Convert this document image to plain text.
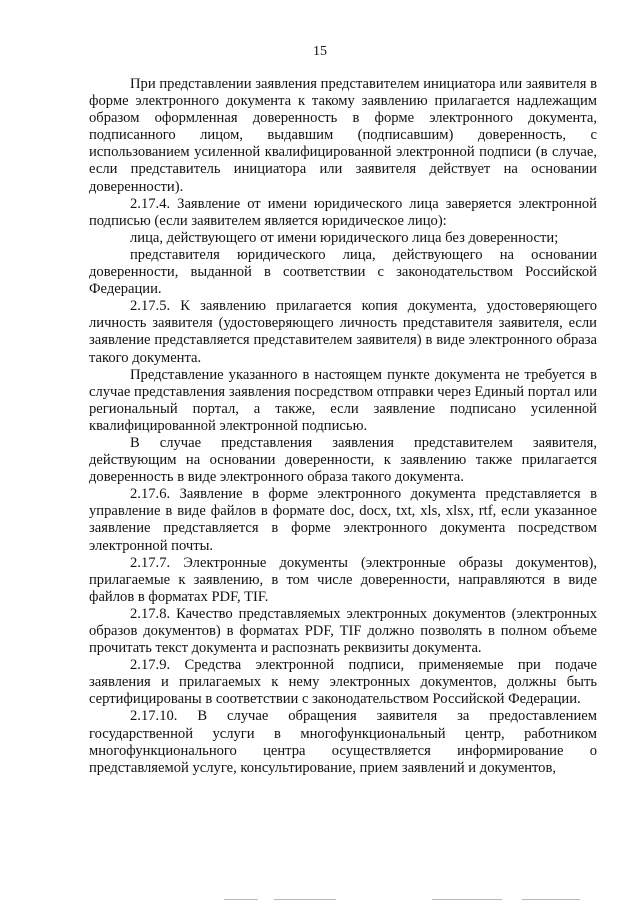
15

При представлении заявления представителем инициатора или заявителя в форме электронного документа к такому заявлению прилагается надлежащим образом оформленная доверенность в форме электронного документа, подписанного лицом, выдавшим (подписавшим) доверенность, с использованием усиленной квалифицированной электронной подписи (в случае, если представитель инициатора или заявителя действует на основании доверенности).

2.17.4. Заявление от имени юридического лица заверяется электронной подписью (если заявителем является юридическое лицо):

лица, действующего от имени юридического лица без доверенности;

представителя юридического лица, действующего на основании доверенности, выданной в соответствии с законодательством Российской Федерации.

2.17.5. К заявлению прилагается копия документа, удостоверяющего личность заявителя (удостоверяющего личность представителя заявителя, если заявление представляется представителем заявителя) в виде электронного образа такого документа.

Представление указанного в настоящем пункте документа не требуется в случае представления заявления посредством отправки через Единый портал или региональный портал, а также, если заявление подписано усиленной квалифицированной электронной подписью.

В случае представления заявления представителем заявителя, действующим на основании доверенности, к заявлению также прилагается доверенность в виде электронного образа такого документа.

2.17.6. Заявление в форме электронного документа представляется в управление в виде файлов в формате doc, docx, txt, xls, xlsx, rtf, если указанное заявление представляется в форме электронного документа посредством электронной почты.

2.17.7. Электронные документы (электронные образы документов), прилагаемые к заявлению, в том числе доверенности, направляются в виде файлов в форматах PDF, TIF.

2.17.8. Качество представляемых электронных документов (электронных образов документов) в форматах PDF, TIF должно позволять в полном объеме прочитать текст документа и распознать реквизиты документа.

2.17.9. Средства электронной подписи, применяемые при подаче заявления и прилагаемых к нему электронных документов, должны быть сертифицированы в соответствии с законодательством Российской Федерации.

2.17.10. В случае обращения заявителя за предоставлением государственной услуги в многофункциональный центр, работником многофункционального центра осуществляется информирование о представляемой услуге, консультирование, прием заявлений и документов,
